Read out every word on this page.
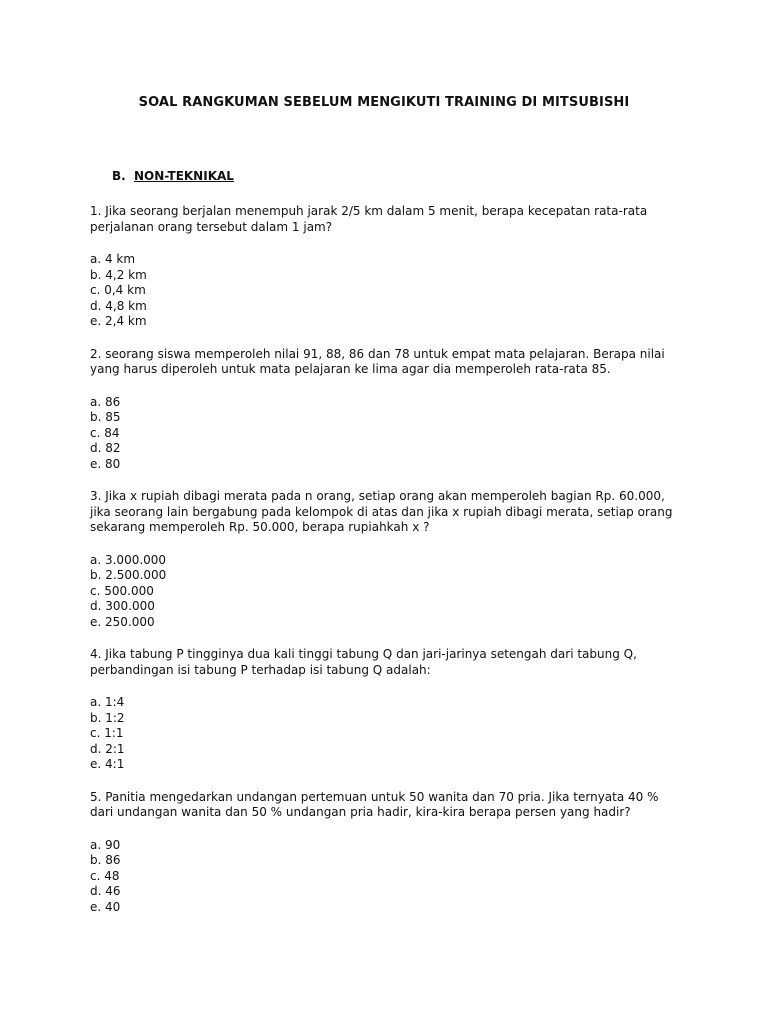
SOAL RANGKUMAN SEBELUM MENGIKUTI TRAINING DI MITSUBISHI
B. NON-TEKNIKAL

1. Jika seorang berjalan menempuh jarak 2/5 km dalam 5 menit, berapa kecepatan rata-rata perjalanan orang tersebut dalam 1 jam?

a. 4 km
b. 4,2 km
c. 0,4 km
d. 4,8 km
e. 2,4 km

2. seorang siswa memperoleh nilai 91, 88, 86 dan 78 untuk empat mata pelajaran. Berapa nilai yang harus diperoleh untuk mata pelajaran ke lima agar dia memperoleh rata-rata 85.

a. 86
b. 85
c. 84
d. 82
e. 80

3. Jika x rupiah dibagi merata pada n orang, setiap orang akan memperoleh bagian Rp. 60.000, jika seorang lain bergabung pada kelompok di atas dan jika x rupiah dibagi merata, setiap orang sekarang memperoleh Rp. 50.000, berapa rupiahkah x ?

a. 3.000.000
b. 2.500.000
c. 500.000
d. 300.000
e. 250.000

4. Jika tabung P tingginya dua kali tinggi tabung Q dan jari-jarinya setengah dari tabung Q, perbandingan isi tabung P terhadap isi tabung Q adalah:

a. 1:4
b. 1:2
c. 1:1
d. 2:1
e. 4:1

5. Panitia mengedarkan undangan pertemuan untuk 50 wanita dan 70 pria. Jika ternyata 40 % dari undangan wanita dan 50 % undangan pria hadir, kira-kira berapa persen yang hadir?

a. 90
b. 86
c. 48
d. 46
e. 40
